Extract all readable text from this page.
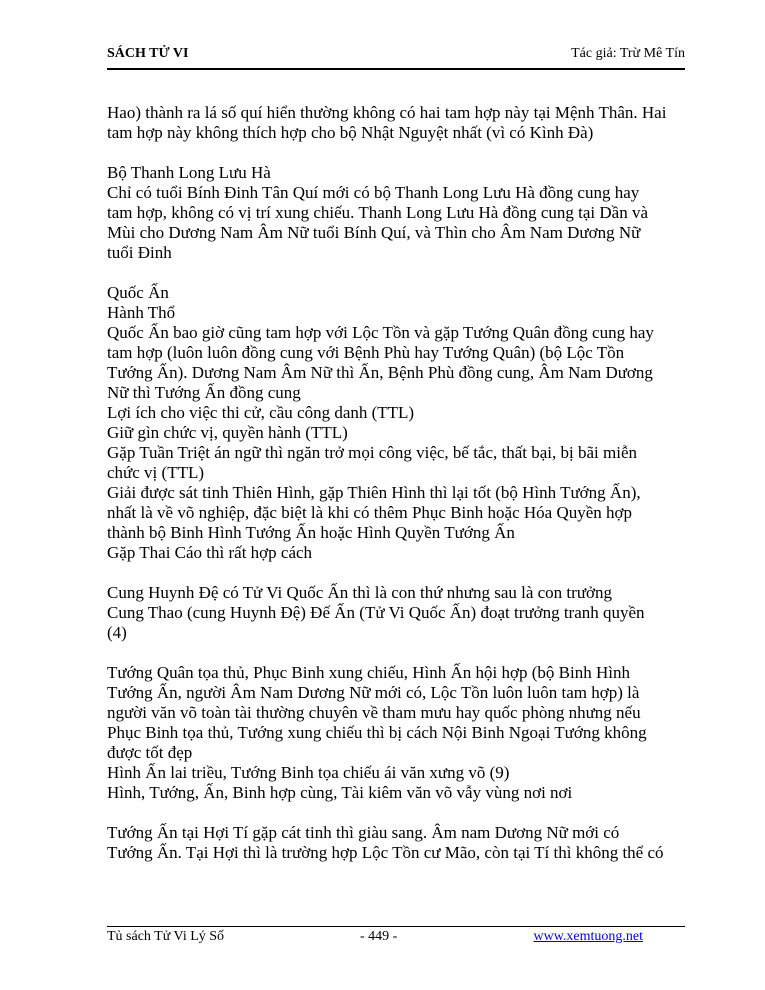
SÁCH TỬ VI	Tác giả: Trừ Mê Tín
Hao) thành ra lá số quí hiển thường không có hai tam hợp này tại Mệnh Thân. Hai
tam hợp này không thích hợp cho bộ Nhật Nguyệt nhất (vì có Kình Đà)
Bộ Thanh Long Lưu Hà
Chỉ có tuổi Bính Đinh Tân Quí mới có bộ Thanh Long Lưu Hà đồng cung hay
tam hợp, không có vị trí xung chiếu. Thanh Long Lưu Hà đồng cung tại Dần và
Mùi cho Dương Nam Âm Nữ tuổi Bính Quí, và Thìn cho Âm Nam Dương Nữ
tuổi Đinh
Quốc Ấn
Hành Thổ
Quốc Ấn bao giờ cũng tam hợp với Lộc Tồn và gặp Tướng Quân đồng cung hay
tam hợp (luôn luôn đồng cung với Bệnh Phù hay Tướng Quân) (bộ Lộc Tồn
Tướng Ấn). Dương Nam Âm Nữ thì Ấn, Bệnh Phù đồng cung, Âm Nam Dương
Nữ thì Tướng Ấn đồng cung
Lợi ích cho việc thi cử, cầu công danh (TTL)
Giữ gìn chức vị, quyền hành (TTL)
Gặp Tuần Triệt án ngữ thì ngăn trở mọi công việc, bế tắc, thất bại, bị bãi miễn
chức vị (TTL)
Giải được sát tinh Thiên Hình, gặp Thiên Hình thì lại tốt (bộ Hình Tướng Ấn),
nhất là về võ nghiệp, đặc biệt là khi có thêm Phục Binh hoặc Hóa Quyền hợp
thành bộ Binh Hình Tướng Ấn hoặc Hình Quyền Tướng Ấn
Gặp Thai Cáo thì rất hợp cách
Cung Huynh Đệ có Tử Vi Quốc Ấn thì là con thứ nhưng sau là con trưởng
Cung Thao (cung Huynh Đệ) Đế Ấn (Tử Vi Quốc Ấn) đoạt trưởng tranh quyền
(4)
Tướng Quân tọa thủ, Phục Binh xung chiếu, Hình Ấn hội hợp (bộ Binh Hình
Tướng Ấn, người Âm Nam Dương Nữ mới có, Lộc Tồn luôn luôn tam hợp) là
người văn võ toàn tài thường chuyên về tham mưu hay quốc phòng nhưng nếu
Phục Binh tọa thủ, Tướng xung chiếu thì bị cách Nội Binh Ngoại Tướng không
được tốt đẹp
Hình Ấn lai triều, Tướng Binh tọa chiếu ái văn xưng võ (9)
Hình, Tướng, Ấn, Binh hợp cùng, Tài kiêm văn võ vẫy vùng nơi nơi
Tướng Ấn tại Hợi Tí gặp cát tinh thì giàu sang. Âm nam Dương Nữ mới có
Tướng Ấn. Tại Hợi thì là trường hợp Lộc Tồn cư Mão, còn tại Tí thì không thể có
Tủ sách Tử Vi Lý Số	- 449 -	www.xemtuong.net
